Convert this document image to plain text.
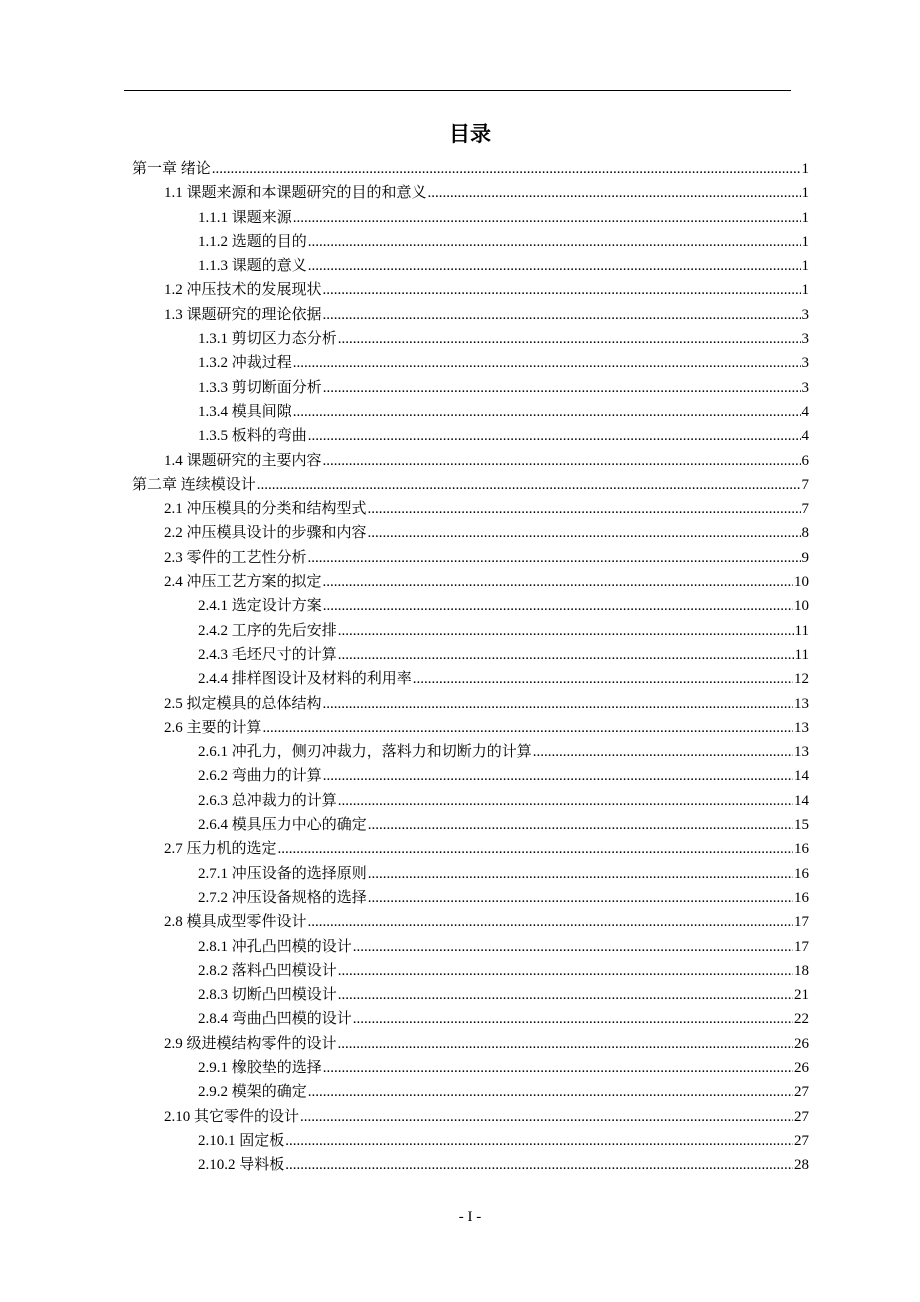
目录
第一章 绪论 .....	1
1.1 课题来源和本课题研究的目的和意义 .....	1
1.1.1 课题来源 .....	1
1.1.2 选题的目的 .....	1
1.1.3 课题的意义 .....	1
1.2 冲压技术的发展现状 .....	1
1.3 课题研究的理论依据 .....	3
1.3.1 剪切区力态分析 .....	3
1.3.2 冲裁过程 .....	3
1.3.3 剪切断面分析 .....	3
1.3.4 模具间隙 .....	4
1.3.5 板料的弯曲 .....	4
1.4 课题研究的主要内容 .....	6
第二章 连续模设计 .....	7
2.1 冲压模具的分类和结构型式 .....	7
2.2 冲压模具设计的步骤和内容 .....	8
2.3 零件的工艺性分析 .....	9
2.4 冲压工艺方案的拟定 .....	10
2.4.1 选定设计方案 .....	10
2.4.2 工序的先后安排 .....	11
2.4.3 毛坯尺寸的计算 .....	11
2.4.4 排样图设计及材料的利用率 .....	12
2.5 拟定模具的总体结构 .....	13
2.6 主要的计算 .....	13
2.6.1 冲孔力，侧刃冲裁力，落料力和切断力的计算 .....	13
2.6.2 弯曲力的计算 .....	14
2.6.3 总冲裁力的计算 .....	14
2.6.4 模具压力中心的确定 .....	15
2.7 压力机的选定 .....	16
2.7.1 冲压设备的选择原则 .....	16
2.7.2 冲压设备规格的选择 .....	16
2.8 模具成型零件设计 .....	17
2.8.1 冲孔凸凹模的设计 .....	17
2.8.2 落料凸凹模设计 .....	18
2.8.3 切断凸凹模设计 .....	21
2.8.4 弯曲凸凹模的设计 .....	22
2.9 级进模结构零件的设计 .....	26
2.9.1 橡胶垫的选择 .....	26
2.9.2 模架的确定 .....	27
2.10 其它零件的设计 .....	27
2.10.1 固定板 .....	27
2.10.2 导料板 .....	28
- I -
